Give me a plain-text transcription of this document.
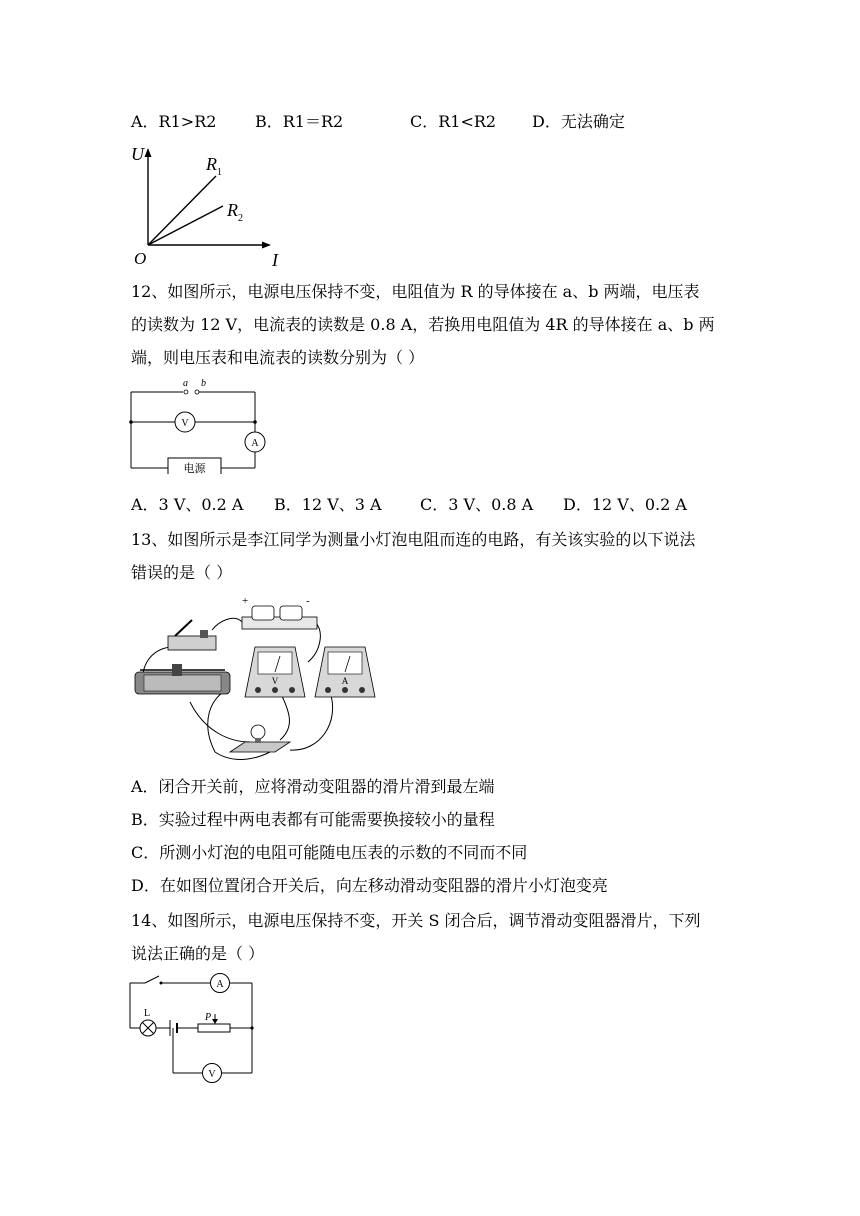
A．R1>R2 B．R1＝R2	C．R1<R2 D．无法确定
U
I
O
$R_1$
$R_2$
12、如图所示，电源电压保持不变，电阻值为 R 的导体接在 a、b 两端，电压表
的读数为 12 V，电流表的读数是 0.8 A，若换用电阻值为 4R 的导体接在 a、b 两
端，则电压表和电流表的读数分别为（ ）
a b
V
A
电源
A．3 V、0.2 A B．12 V、3 A C．3 V、0.8 A D．12 V、0.2 A
13、如图所示是李江同学为测量小灯泡电阻而连的电路，有关该实验的以下说法
错误的是（ ）
+	-
V	A
A．闭合开关前，应将滑动变阻器的滑片滑到最左端
B．实验过程中两电表都有可能需要换接较小的量程
C．所测小灯泡的电阻可能随电压表的示数的不同而不同
D．在如图位置闭合开关后，向左移动滑动变阻器的滑片小灯泡变亮
14、如图所示，电源电压保持不变，开关 S 闭合后，调节滑动变阻器滑片，下列
说法正确的是（ ）
A
L	P
V
